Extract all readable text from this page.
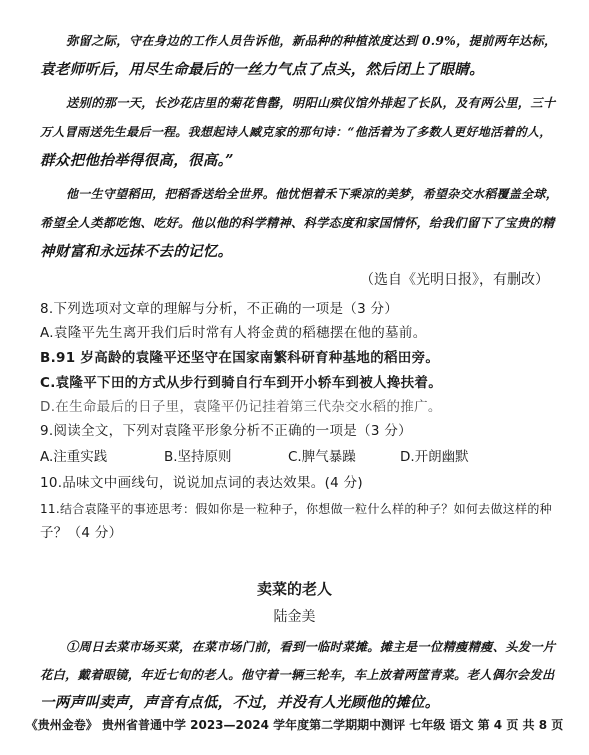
弥留之际，守在身边的工作人员告诉他，新品种的种植浓度达到 0.9%，提前两年达标，
袁老师听后，用尽生命最后的一丝力气点了点头，然后闭上了眼睛。
送别的那一天，长沙花店里的菊花售罄，明阳山殡仪馆外排起了长队，及有两公里，三十
万人冒雨送先生最后一程。我想起诗人臧克家的那句诗：“他活着为了多数人更好地活着的人，
群众把他抬举得很高，很高。”
他一生守望稻田，把稻香送给全世界。他忧悒着禾下乘凉的美梦，希望杂交水稻覆盖全球，
希望全人类都吃饱、吃好。他以他的科学精神、科学态度和家国情怀，给我们留下了宝贵的精
神财富和永远抹不去的记忆。
（选自《光明日报》，有删改）
8.下列选项对文章的理解与分析，不正确的一项是（3 分）
A.袁隆平先生离开我们后时常有人将金黄的稻穗摆在他的墓前。
B.91 岁高龄的袁隆平还坚守在国家南繁科研育种基地的稻田旁。
C.袁隆平下田的方式从步行到骑自行车到开小轿车到被人搀扶着。
D.在生命最后的日子里，袁隆平仍记挂着第三代杂交水稻的推广。
9.阅读全文，下列对袁隆平形象分析不正确的一项是（3 分）
A.注重实践	B.坚持原则	C.脾气暴躁	D.开朗幽默
10.品味文中画线句，说说加点词的表达效果。(4 分)
11.结合袁隆平的事迹思考：假如你是一粒种子，你想做一粒什么样的种子？如何去做这样的种
子？（4 分）
卖菜的老人
陆金美
①周日去菜市场买菜，在菜市场门前，看到一临时菜摊。摊主是一位精瘦精瘦、头发一片
花白，戴着眼镜，年近七旬的老人。他守着一辆三轮车，车上放着两筐青菜。老人偶尔会发出
一两声叫卖声，声音有点低，不过，并没有人光顾他的摊位。
《贵州金卷》 贵州省普通中学 2023—2024 学年度第二学期期中测评 七年级 语文 第 4 页 共 8 页
